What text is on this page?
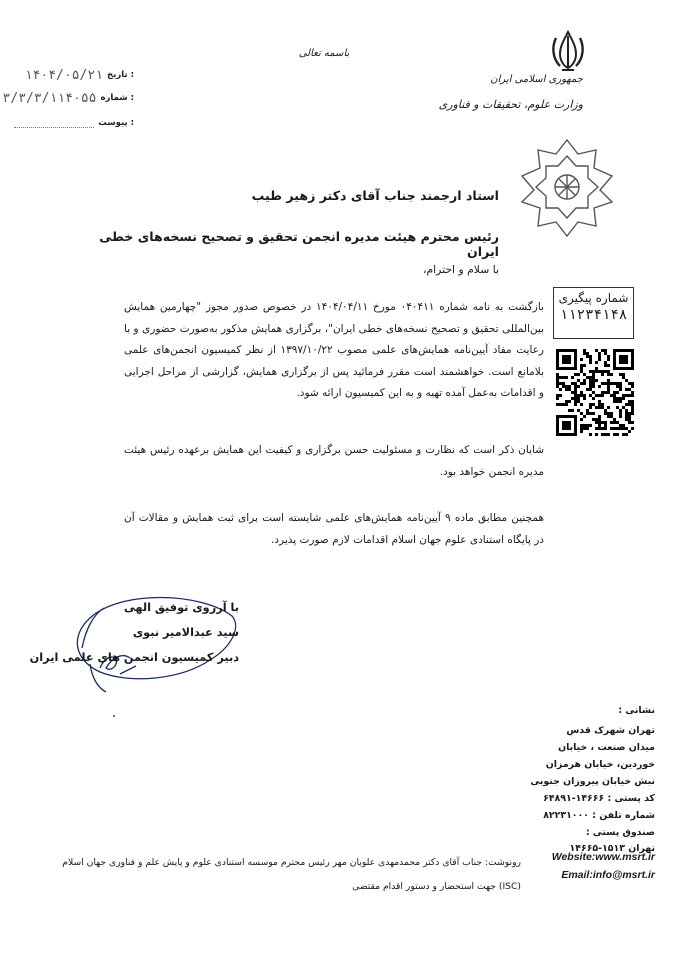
جمهوری اسلامی ایران
وزارت علوم، تحقیقات و فناوری
باسمه تعالی
تاریخ :
۱۴۰۴/۰۵/۲۱
شماره :
۳/۳/۳/۱۱۴۰۵۵
پیوست :
استاد ارجمند جناب آقای دکتر زهیر طیب
رئیس محترم هیئت مدیره انجمن تحقیق و تصحیح نسخه‌های خطی ایران
با سلام و احترام،
بازگشت به نامه شماره ۰۴۰۴۱۱ مورخ ۱۴۰۴/۰۴/۱۱ در خصوص صدور مجوز "چهارمین همایش بین‌المللی تحقیق و تصحیح نسخه‌های خطی ایران"، برگزاری همایش مذکور به‌صورت حضوری و با رعایت مفاد آیین‌نامه همایش‌های علمی مصوب ۱۳۹۷/۱۰/۲۲ از نظر کمیسیون انجمن‌های علمی بلامانع است. خواهشمند است مقرر فرمائید پس از برگزاری همایش، گزارشی از مراحل اجرایی و اقدامات به‌عمل آمده تهیه و به این کمیسیون ارائه شود.
شایان ذکر است که نظارت و مسئولیت حسن برگزاری و کیفیت این همایش برعهده رئیس هیئت مدیره انجمن خواهد بود.
همچنین مطابق ماده ۹ آیین‌نامه همایش‌های علمی شایسته است برای ثبت همایش و مقالات آن در پایگاه استنادی علوم جهان اسلام اقدامات لازم صورت پذیرد.
با آرزوی توفیق الهی
سید عبدالامیر نبوی
دبیر کمیسیون انجمن های علمی ایران
شماره پیگیری
۱۱۲۳۴۱۴۸
نشانی :
تهران شهرک قدس
میدان صنعت ، خیابان
خوردین، خیابان هرمزان
نبش خیابان پیروزان جنوبی
کد پستی : ۱۴۶۶۶-۶۴۸۹۱
شماره تلفن : ۸۲۲۳۱۰۰۰
صندوق پستی :
تهران ۱۵۱۳-۱۴۶۶۵
Website:www.msrt.ir
Email:info@msrt.ir
رونوشت: جناب آقای دکتر محمدمهدی علویان مهر رئیس محترم موسسه استنادی علوم و پایش علم و فناوری جهان اسلام
(ISC) جهت استحضار و دستور اقدام مقتضی
